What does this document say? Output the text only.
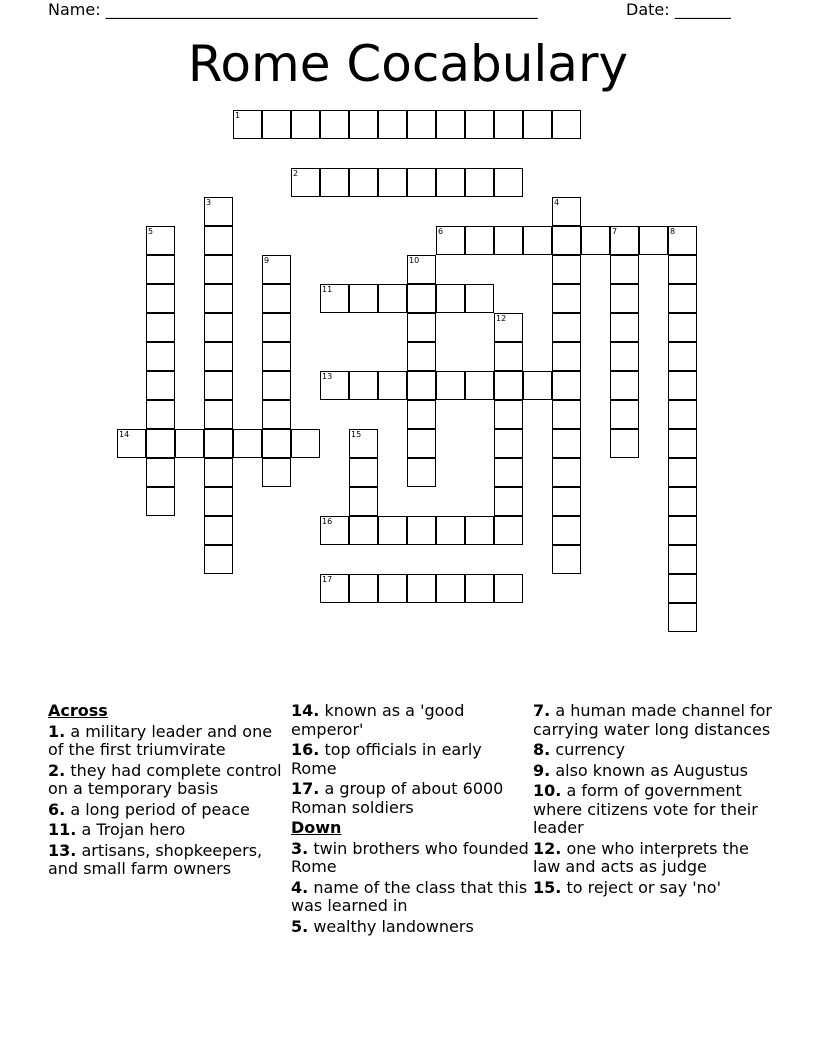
Name: ______________________________________________________	Date: _______
Rome Cocabulary
1
2
3	4
5	6	7	8
9	10
11
12
13
14	15
16
17
Across
1. a military leader and one of the first triumvirate
2. they had complete control on a temporary basis
6. a long period of peace
11. a Trojan hero
13. artisans, shopkeepers, and small farm owners
14. known as a 'good emperor'
16. top officials in early Rome
17. a group of about 6000 Roman soldiers
Down
3. twin brothers who founded Rome
4. name of the class that this was learned in
5. wealthy landowners
7. a human made channel for carrying water long distances
8. currency
9. also known as Augustus
10. a form of government where citizens vote for their leader
12. one who interprets the law and acts as judge
15. to reject or say 'no'
